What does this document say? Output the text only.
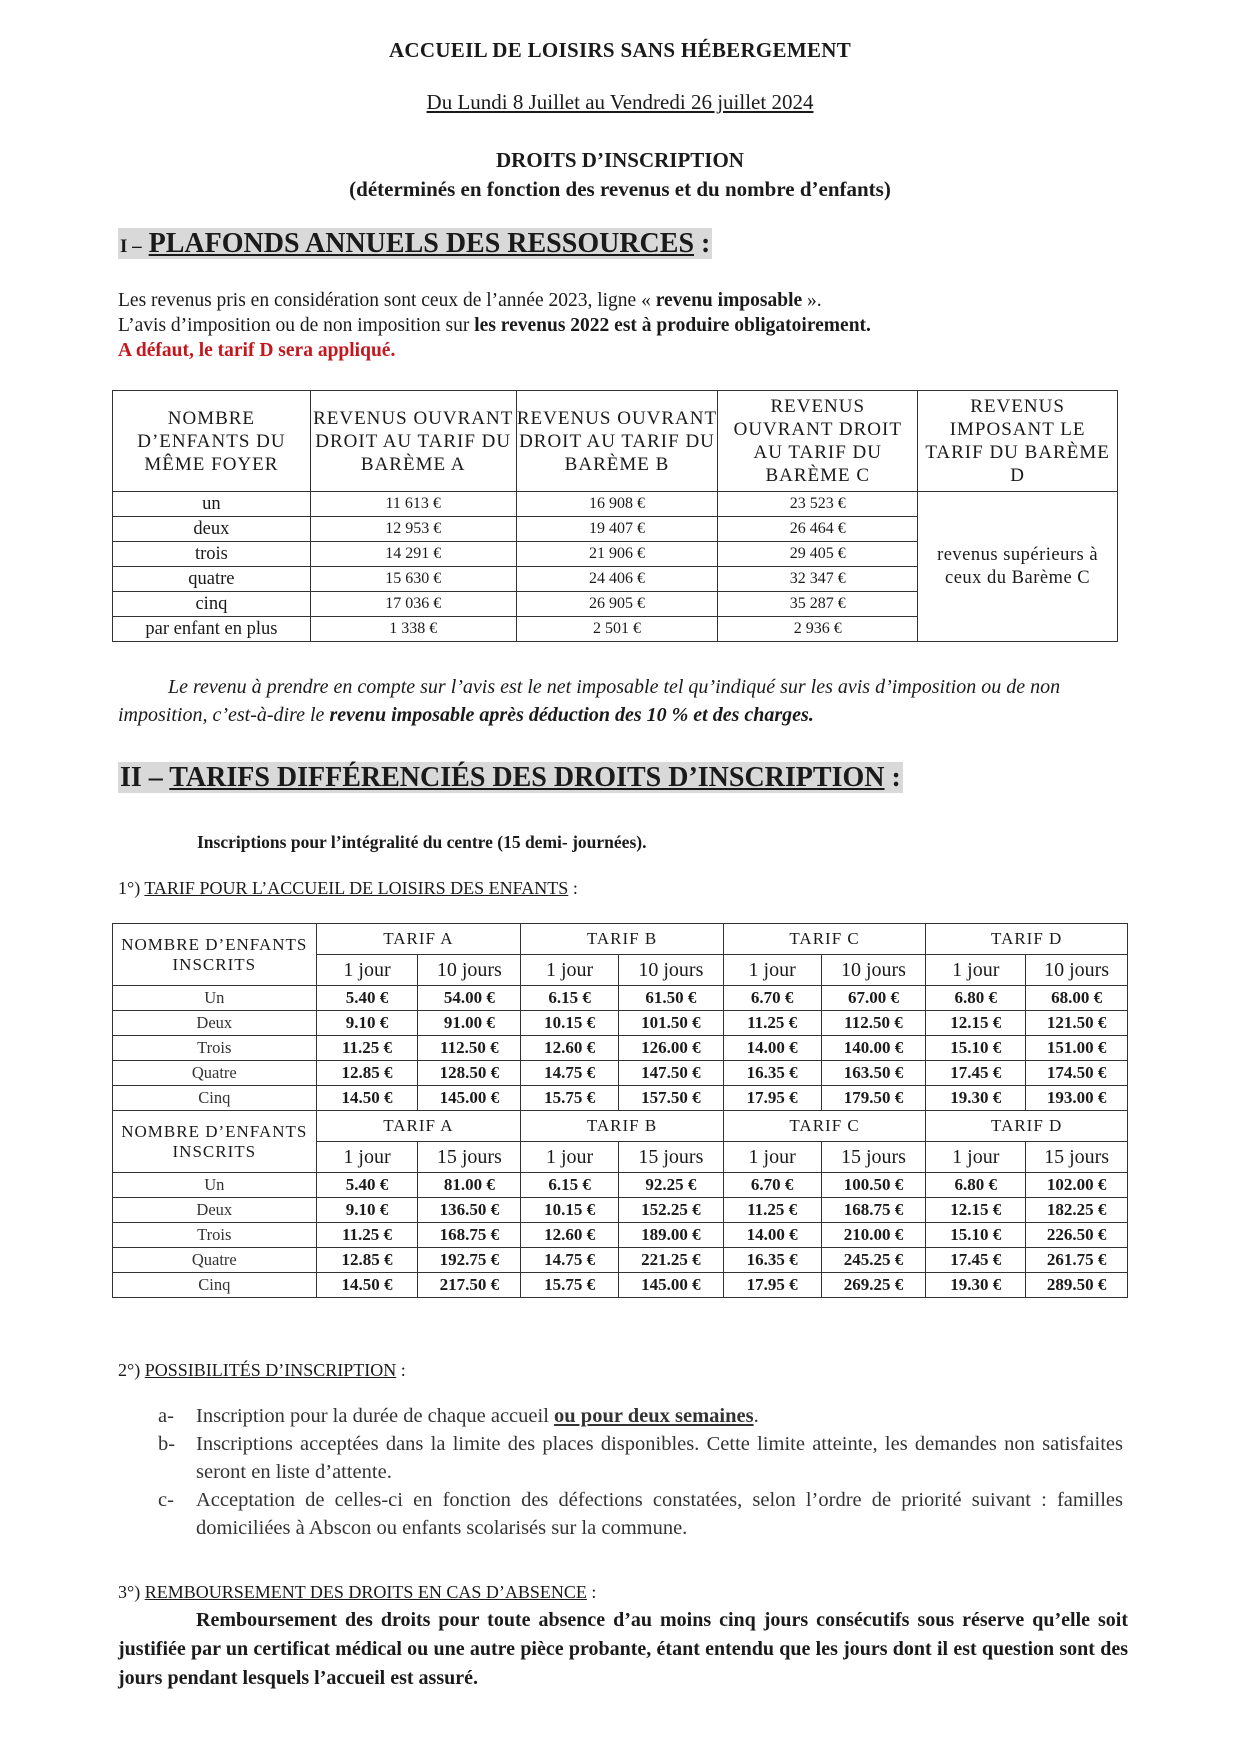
ACCUEIL DE LOISIRS SANS HÉBERGEMENT
Du Lundi 8 Juillet au Vendredi 26 juillet 2024
DROITS D’INSCRIPTION
(déterminés en fonction des revenus et du nombre d’enfants)
I – PLAFONDS ANNUELS DES RESSOURCES :
Les revenus pris en considération sont ceux de l’année 2023, ligne « revenu imposable ».
L’avis d’imposition ou de non imposition sur les revenus 2022 est à produire obligatoirement.
A défaut, le tarif D sera appliqué.
NOMBRE D’ENFANTS DU MÊME FOYER	REVENUS OUVRANT DROIT AU TARIF DU BARÈME A	REVENUS OUVRANT DROIT AU TARIF DU BARÈME B	REVENUS OUVRANT DROIT AU TARIF DU BARÈME C	REVENUS IMPOSANT LE TARIF DU BARÈME D
un	11 613 €	16 908 €	23 523 €	revenus supérieurs à ceux du Barème C
deux	12 953 €	19 407 €	26 464 €	
trois	14 291 €	21 906 €	29 405 €	
quatre	15 630 €	24 406 €	32 347 €	
cinq	17 036 €	26 905 €	35 287 €	
par enfant en plus	1 338 €	2 501 €	2 936 €	
Le revenu à prendre en compte sur l’avis est le net imposable tel qu’indiqué sur les avis d’imposition ou de non imposition, c’est-à-dire le revenu imposable après déduction des 10 % et des charges.
II – TARIFS DIFFÉRENCIÉS DES DROITS D’INSCRIPTION :
Inscriptions pour l’intégralité du centre (15 demi- journées).
1°) TARIF POUR L’ACCUEIL DE LOISIRS DES ENFANTS :
NOMBRE D’ENFANTS INSCRITS	TARIF A		TARIF B		TARIF C		TARIF D	
	1 jour	10 jours	1 jour	10 jours	1 jour	10 jours	1 jour	10 jours
Un	5.40 €	54.00 €	6.15 €	61.50 €	6.70 €	67.00 €	6.80 €	68.00 €
Deux	9.10 €	91.00 €	10.15 €	101.50 €	11.25 €	112.50 €	12.15 €	121.50 €
Trois	11.25 €	112.50 €	12.60 €	126.00 €	14.00 €	140.00 €	15.10 €	151.00 €
Quatre	12.85 €	128.50 €	14.75 €	147.50 €	16.35 €	163.50 €	17.45 €	174.50 €
Cinq	14.50 €	145.00 €	15.75 €	157.50 €	17.95 €	179.50 €	19.30 €	193.00 €
NOMBRE D’ENFANTS INSCRITS	TARIF A		TARIF B		TARIF C		TARIF D	
	1 jour	15 jours	1 jour	15 jours	1 jour	15 jours	1 jour	15 jours
Un	5.40 €	81.00 €	6.15 €	92.25 €	6.70 €	100.50 €	6.80 €	102.00 €
Deux	9.10 €	136.50 €	10.15 €	152.25 €	11.25 €	168.75 €	12.15 €	182.25 €
Trois	11.25 €	168.75 €	12.60 €	189.00 €	14.00 €	210.00 €	15.10 €	226.50 €
Quatre	12.85 €	192.75 €	14.75 €	221.25 €	16.35 €	245.25 €	17.45 €	261.75 €
Cinq	14.50 €	217.50 €	15.75 €	145.00 €	17.95 €	269.25 €	19.30 €	289.50 €
2°) POSSIBILITÉS D’INSCRIPTION :
a-	Inscription pour la durée de chaque accueil ou pour deux semaines.
b-	Inscriptions acceptées dans la limite des places disponibles. Cette limite atteinte, les demandes non satisfaites seront en liste d’attente.
c-	Acceptation de celles-ci en fonction des défections constatées, selon l’ordre de priorité suivant : familles domiciliées à Abscon ou enfants scolarisés sur la commune.
3°) REMBOURSEMENT DES DROITS EN CAS D’ABSENCE :
Remboursement des droits pour toute absence d’au moins cinq jours consécutifs sous réserve qu’elle soit justifiée par un certificat médical ou une autre pièce probante, étant entendu que les jours dont il est question sont des jours pendant lesquels l’accueil est assuré.
